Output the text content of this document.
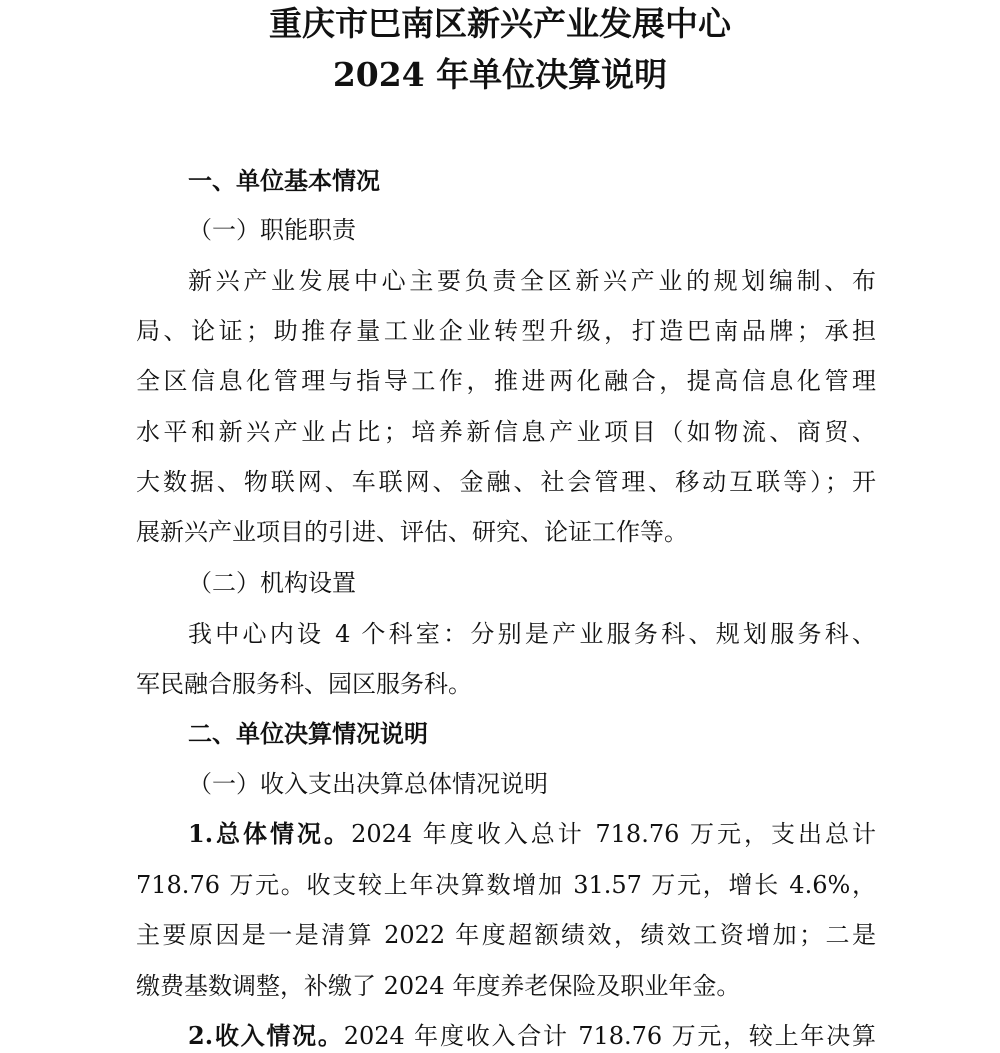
重庆市巴南区新兴产业发展中心
2024 年单位决算说明

一、单位基本情况

（一）职能职责

新兴产业发展中心主要负责全区新兴产业的规划编制、布

局、论证；助推存量工业企业转型升级，打造巴南品牌；承担

全区信息化管理与指导工作，推进两化融合，提高信息化管理

水平和新兴产业占比；培养新信息产业项目（如物流、商贸、

大数据、物联网、车联网、金融、社会管理、移动互联等）；开

展新兴产业项目的引进、评估、研究、论证工作等。

（二）机构设置

我中心内设 4 个科室：分别是产业服务科、规划服务科、

军民融合服务科、园区服务科。

二、单位决算情况说明

（一）收入支出决算总体情况说明

1.总体情况。2024 年度收入总计 718.76 万元，支出总计

718.76 万元。收支较上年决算数增加 31.57 万元，增长 4.6%，

主要原因是一是清算 2022 年度超额绩效，绩效工资增加；二是

缴费基数调整，补缴了 2024 年度养老保险及职业年金。

2.收入情况。2024 年度收入合计 718.76 万元，较上年决算
